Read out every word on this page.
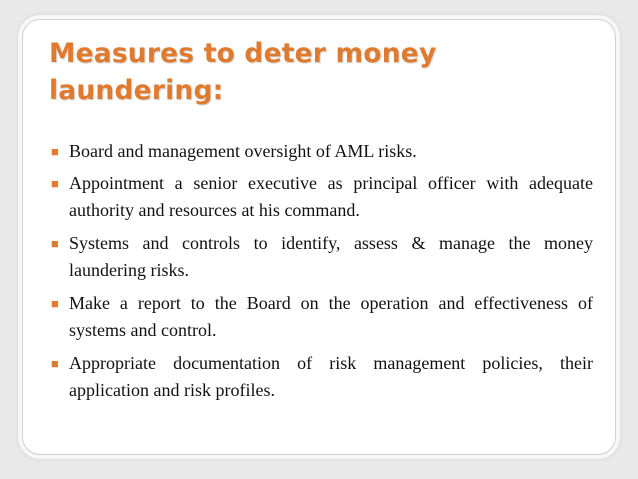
Measures to deter money laundering:
■ Board and management oversight of AML risks.
■ Appointment a senior executive as principal officer with adequate authority and resources at his command.
■ Systems and controls to identify, assess & manage the money laundering risks.
■ Make a report to the Board on the operation and effectiveness of systems and control.
■ Appropriate documentation of risk management policies, their application and risk profiles.
